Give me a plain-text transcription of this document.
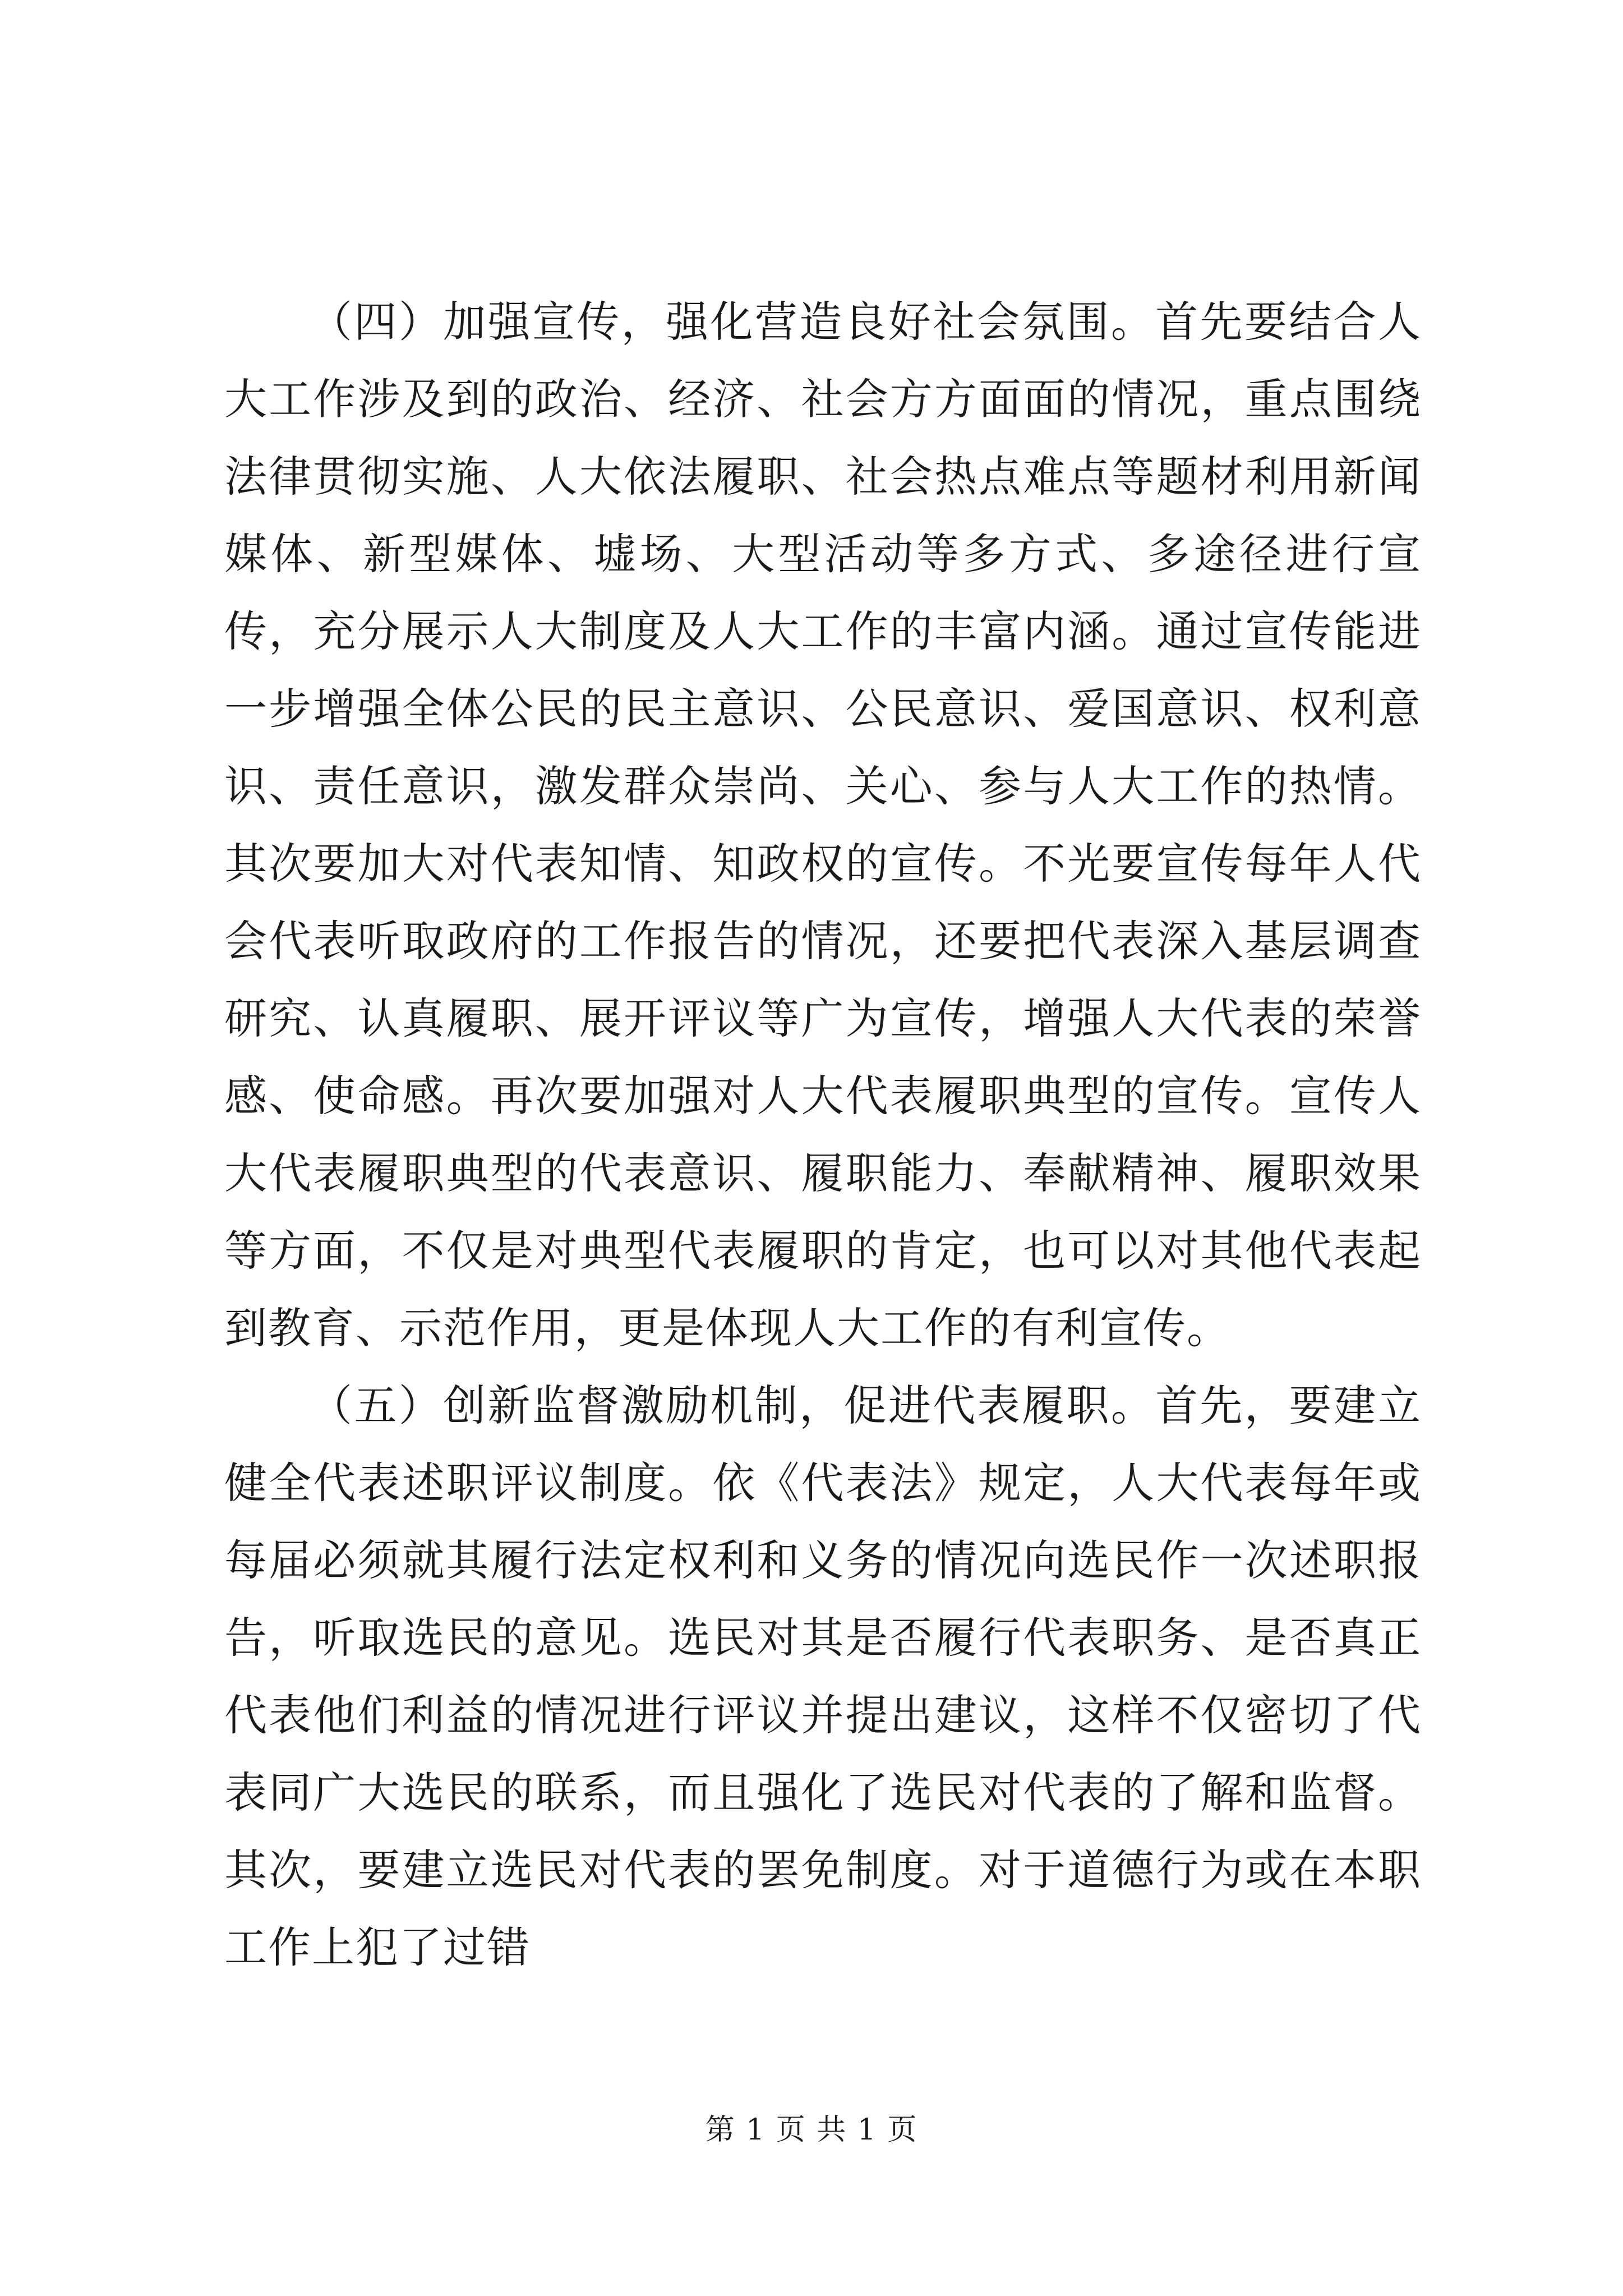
（四）加强宣传，强化营造良好社会氛围。首先要结合人大工作涉及到的政治、经济、社会方方面面的情况，重点围绕法律贯彻实施、人大依法履职、社会热点难点等题材利用新闻媒体、新型媒体、墟场、大型活动等多方式、多途径进行宣传，充分展示人大制度及人大工作的丰富内涵。通过宣传能进一步增强全体公民的民主意识、公民意识、爱国意识、权利意识、责任意识，激发群众崇尚、关心、参与人大工作的热情。其次要加大对代表知情、知政权的宣传。不光要宣传每年人代会代表听取政府的工作报告的情况，还要把代表深入基层调查研究、认真履职、展开评议等广为宣传，增强人大代表的荣誉感、使命感。再次要加强对人大代表履职典型的宣传。宣传人大代表履职典型的代表意识、履职能力、奉献精神、履职效果等方面，不仅是对典型代表履职的肯定，也可以对其他代表起到教育、示范作用，更是体现人大工作的有利宣传。

（五）创新监督激励机制，促进代表履职。首先，要建立健全代表述职评议制度。依《代表法》规定，人大代表每年或每届必须就其履行法定权利和义务的情况向选民作一次述职报告，听取选民的意见。选民对其是否履行代表职务、是否真正代表他们利益的情况进行评议并提出建议，这样不仅密切了代表同广大选民的联系，而且强化了选民对代表的了解和监督。其次，要建立选民对代表的罢免制度。对于道德行为或在本职工作上犯了过错

第 1 页 共 1 页
